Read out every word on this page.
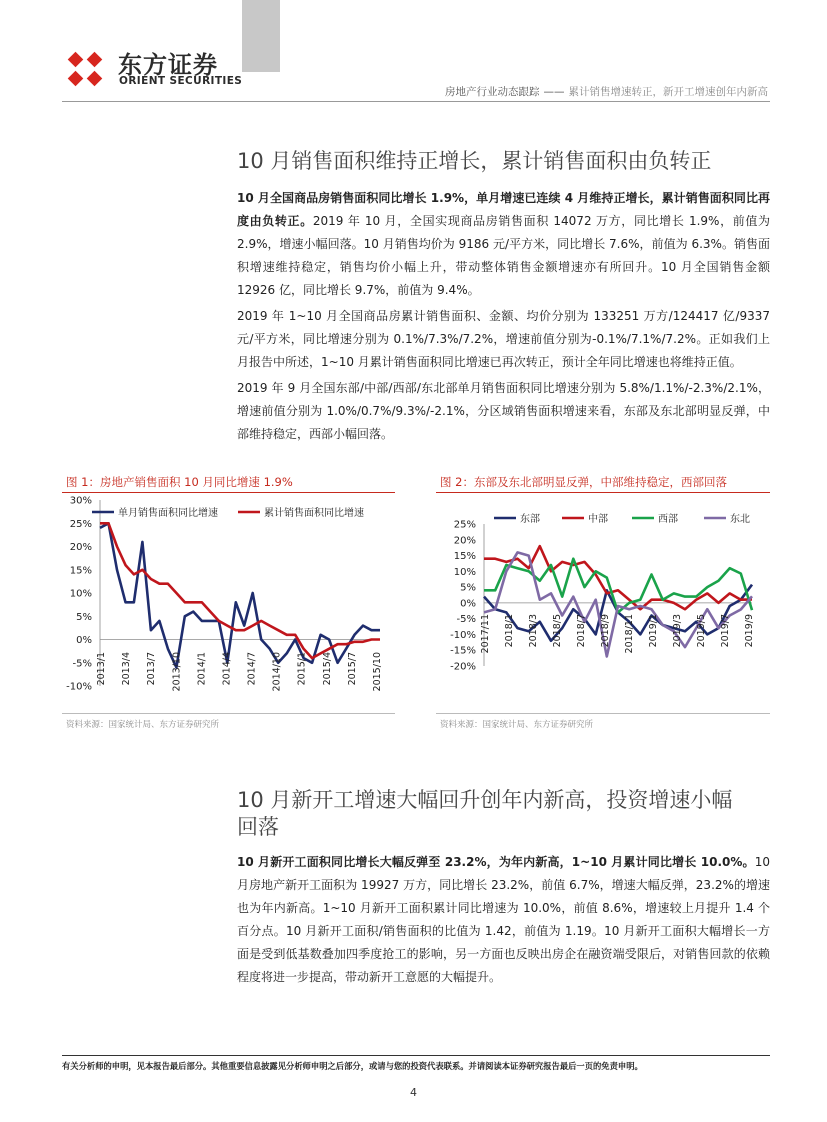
东方证券
ORIENT SECURITIES
房地产行业动态跟踪 —— 累计销售增速转正，新开工增速创年内新高
10 月销售面积维持正增长，累计销售面积由负转正

10 月全国商品房销售面积同比增长 1.9%，单月增速已连续 4 月维持正增长，累计销售面积同比再度由负转正。2019 年 10 月，全国实现商品房销售面积 14072 万方，同比增长 1.9%，前值为 2.9%，增速小幅回落。10 月销售均价为 9186 元/平方米，同比增长 7.6%，前值为 6.3%。销售面积增速维持稳定，销售均价小幅上升，带动整体销售金额增速亦有所回升。10 月全国销售金额 12926 亿，同比增长 9.7%，前值为 9.4%。

2019 年 1~10 月全国商品房累计销售面积、金额、均价分别为 133251 万方/124417 亿/9337 元/平方米，同比增速分别为 0.1%/7.3%/7.2%，增速前值分别为-0.1%/7.1%/7.2%。正如我们上月报告中所述，1~10 月累计销售面积同比增速已再次转正，预计全年同比增速也将维持正值。

2019 年 9 月全国东部/中部/西部/东北部单月销售面积同比增速分别为 5.8%/1.1%/-2.3%/2.1%，增速前值分别为 1.0%/0.7%/9.3%/-2.1%，分区域销售面积增速来看，东部及东北部明显反弹，中部维持稳定，西部小幅回落。

图 1：房地产销售面积 10 月同比增速 1.9%
30%
25%
20%
15%
10%
5%
0%
-5%
-10%
2013/1 2013/4 2013/7 2013/10 2014/1 2014/4 2014/7 2014/10 2015/1 2015/4 2015/7 2015/10
单月销售面积同比增速	累计销售面积同比增速
资料来源：国家统计局、东方证券研究所
图 2：东部及东北部明显反弹，中部维持稳定，西部回落
25%
20%
15%
10%
5%
0%
-5%
-10%
-15%
-20%
2017/11 2018/1 2018/3 2018/5 2018/7 2018/9 2018/11 2019/1 2019/3 2019/5 2019/7 2019/9
东部	中部	西部	东北
资料来源：国家统计局、东方证券研究所
10 月新开工增速大幅回升创年内新高，投资增速小幅
回落

10 月新开工面积同比增长大幅反弹至 23.2%，为年内新高，1~10 月累计同比增长 10.0%。10 月房地产新开工面积为 19927 万方，同比增长 23.2%，前值 6.7%，增速大幅反弹，23.2%的增速也为年内新高。1~10 月新开工面积累计同比增速为 10.0%，前值 8.6%，增速较上月提升 1.4 个百分点。10 月新开工面积/销售面积的比值为 1.42，前值为 1.19。10 月新开工面积大幅增长一方面是受到低基数叠加四季度抢工的影响，另一方面也反映出房企在融资端受限后，对销售回款的依赖程度将进一步提高，带动新开工意愿的大幅提升。

有关分析师的申明，见本报告最后部分。其他重要信息披露见分析师申明之后部分，或请与您的投资代表联系。并请阅读本证券研究报告最后一页的免责申明。
4
